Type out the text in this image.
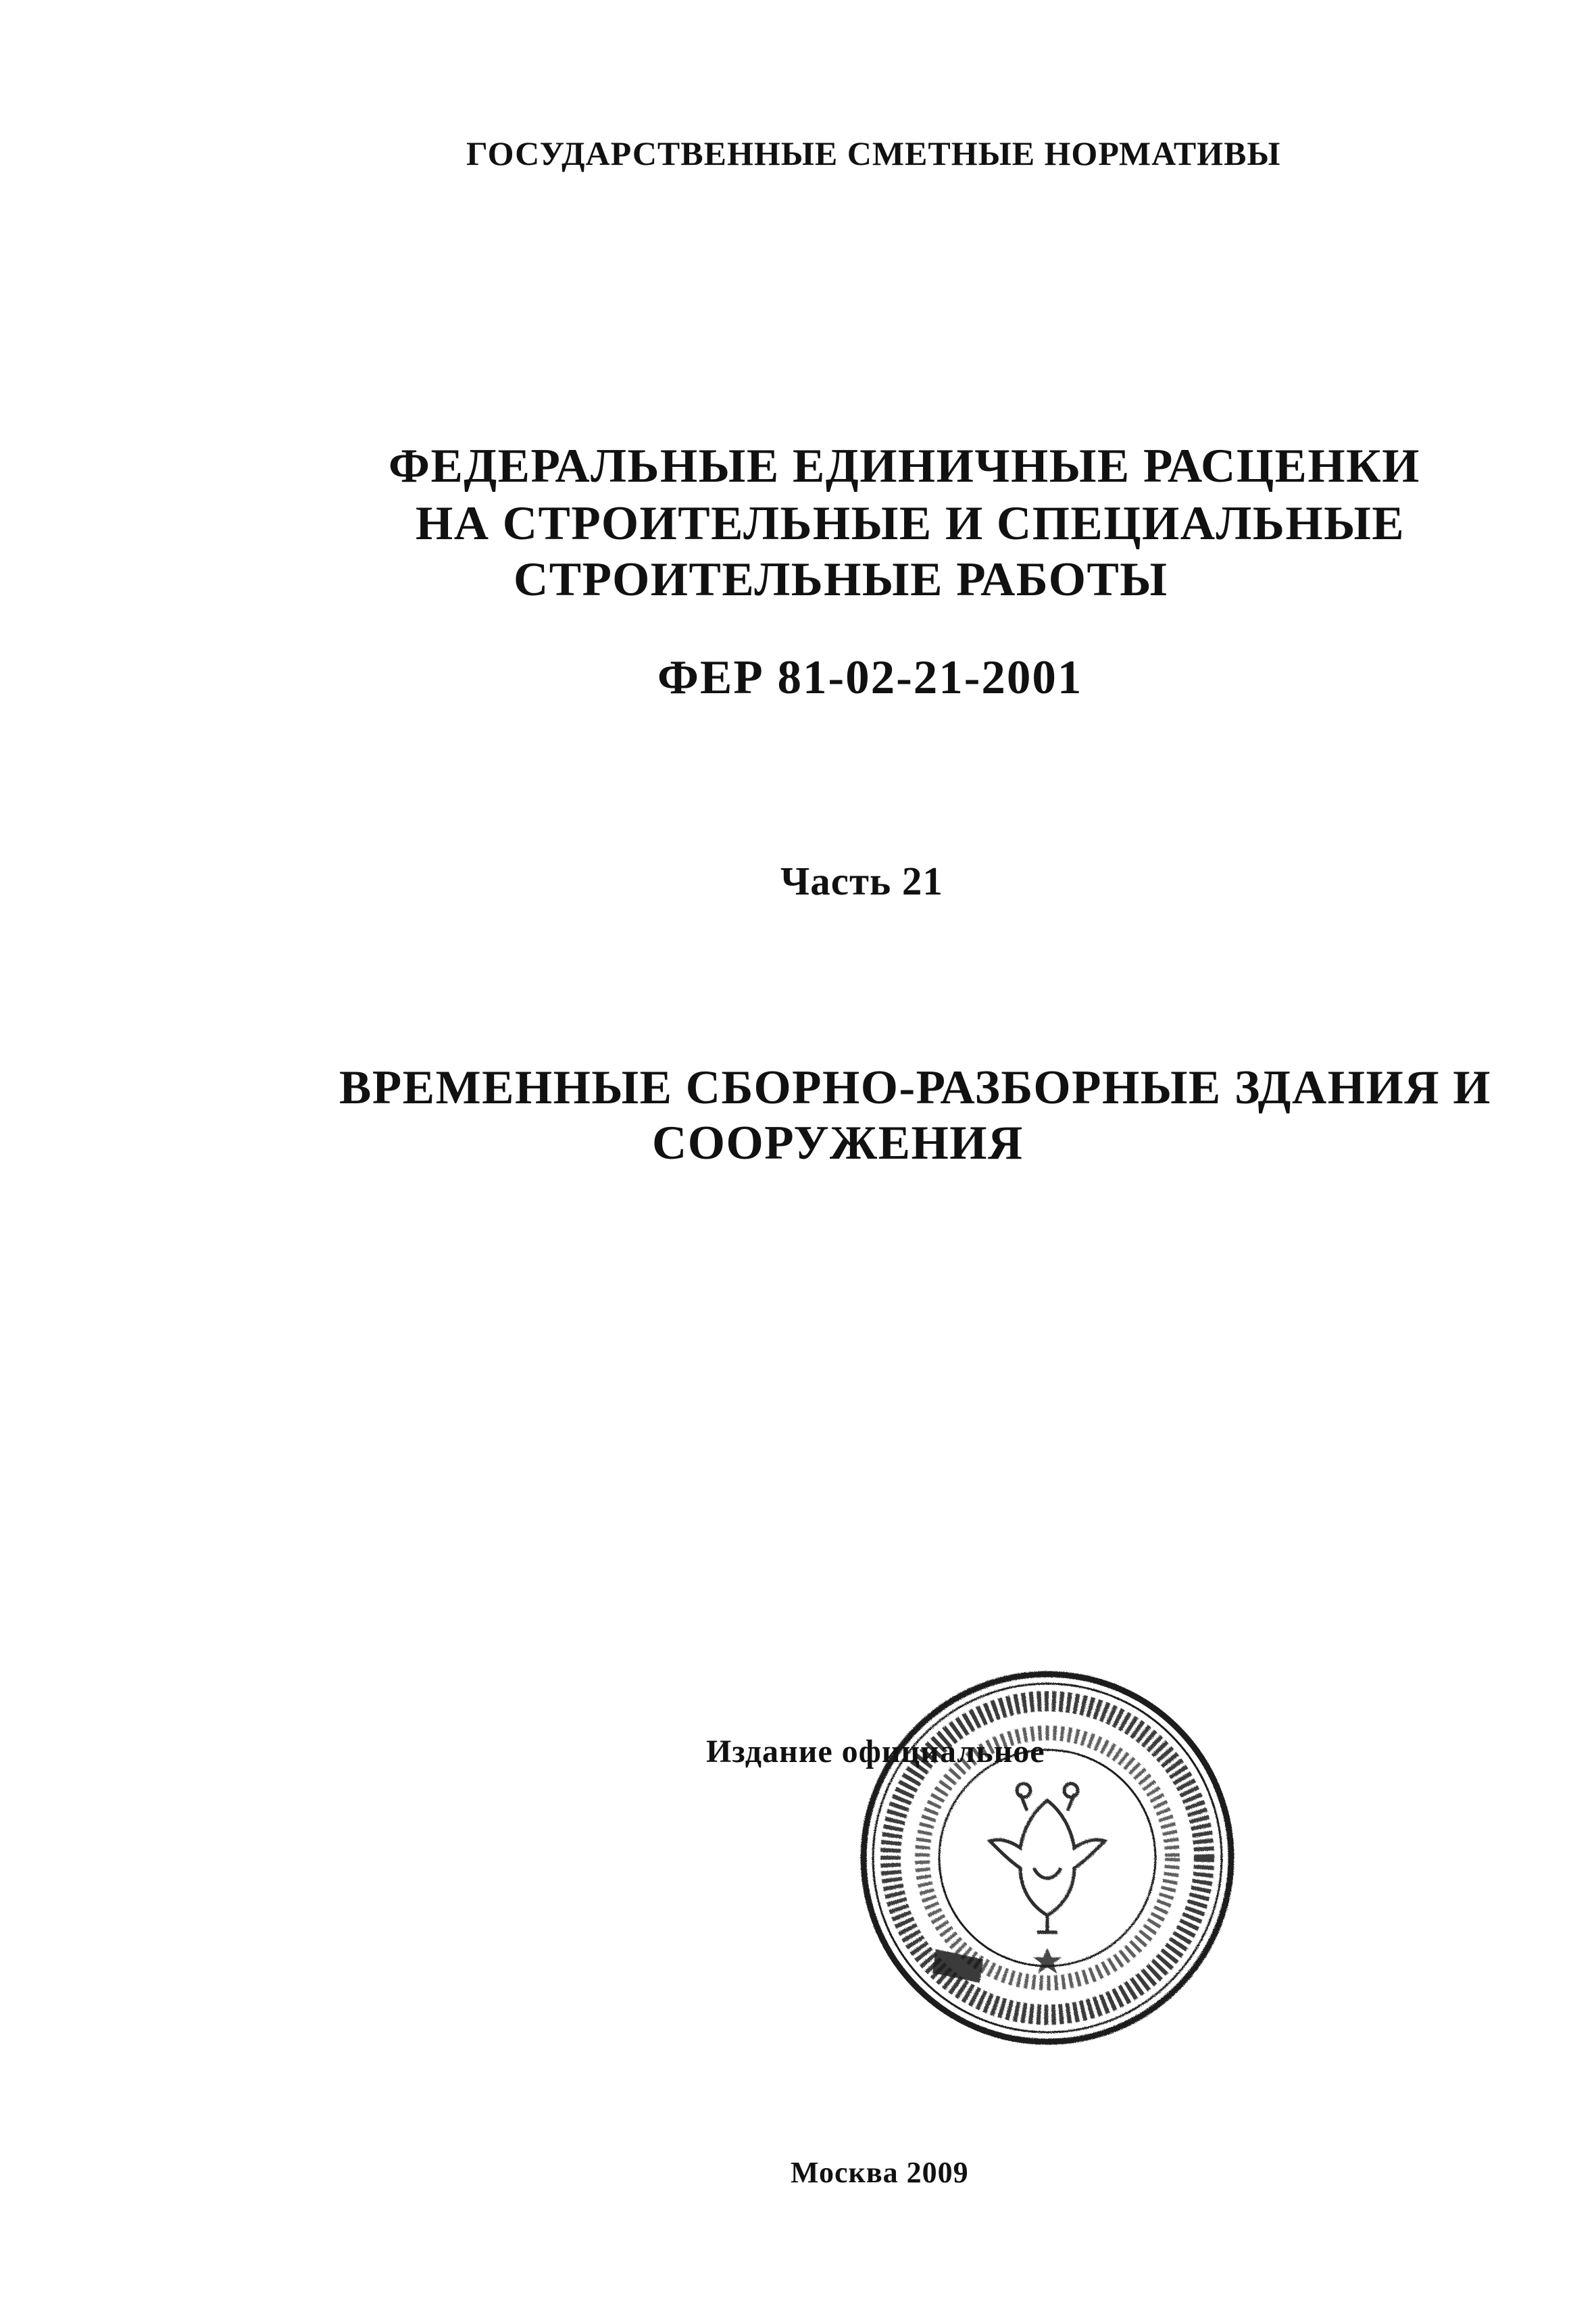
ГОСУДАРСТВЕННЫЕ СМЕТНЫЕ НОРМАТИВЫ
ФЕДЕРАЛЬНЫЕ ЕДИНИЧНЫЕ РАСЦЕНКИ
НА СТРОИТЕЛЬНЫЕ И СПЕЦИАЛЬНЫЕ
СТРОИТЕЛЬНЫЕ РАБОТЫ
ФЕР 81-02-21-2001
Часть 21
ВРЕМЕННЫЕ СБОРНО-РАЗБОРНЫЕ ЗДАНИЯ И
СООРУЖЕНИЯ
Издание официальное
Москва 2009
